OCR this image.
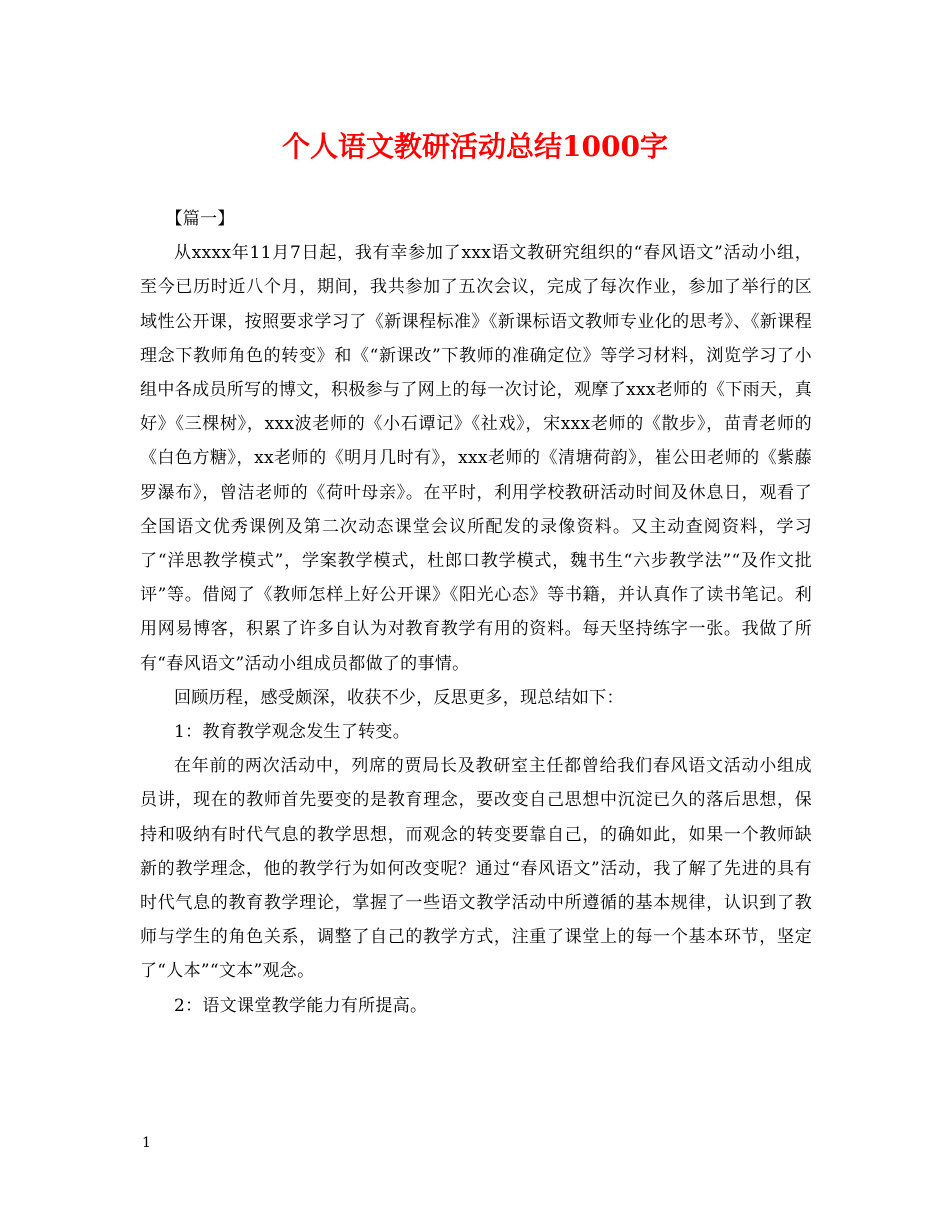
个人语文教研活动总结1000字

【篇一】

从xxxx年11月7日起，我有幸参加了xxx语文教研究组织的“春风语文”活动小组，至今已历时近八个月，期间，我共参加了五次会议，完成了每次作业，参加了举行的区域性公开课，按照要求学习了《新课程标准》《新课标语文教师专业化的思考》、《新课程理念下教师角色的转变》和《“新课改”下教师的准确定位》等学习材料，浏览学习了小组中各成员所写的博文，积极参与了网上的每一次讨论，观摩了xxx老师的《下雨天，真好》《三棵树》，xxx波老师的《小石谭记》《社戏》，宋xxx老师的《散步》，苗青老师的《白色方糖》，xx老师的《明月几时有》，xxx老师的《清塘荷韵》，崔公田老师的《紫藤罗瀑布》，曾洁老师的《荷叶母亲》。在平时，利用学校教研活动时间及休息日，观看了全国语文优秀课例及第二次动态课堂会议所配发的录像资料。又主动查阅资料，学习了“洋思教学模式”，学案教学模式，杜郎口教学模式，魏书生“六步教学法”“及作文批评”等。借阅了《教师怎样上好公开课》《阳光心态》等书籍，并认真作了读书笔记。利用网易博客，积累了许多自认为对教育教学有用的资料。每天坚持练字一张。我做了所有“春风语文”活动小组成员都做了的事情。

回顾历程，感受颇深，收获不少，反思更多，现总结如下：

1：教育教学观念发生了转变。

在年前的两次活动中，列席的贾局长及教研室主任都曾给我们春风语文活动小组成员讲，现在的教师首先要变的是教育理念，要改变自己思想中沉淀已久的落后思想，保持和吸纳有时代气息的教学思想，而观念的转变要靠自己，的确如此，如果一个教师缺新的教学理念，他的教学行为如何改变呢？通过“春风语文”活动，我了解了先进的具有时代气息的教育教学理论，掌握了一些语文教学活动中所遵循的基本规律，认识到了教师与学生的角色关系，调整了自己的教学方式，注重了课堂上的每一个基本环节，坚定了“人本”“文本”观念。

2：语文课堂教学能力有所提高。

1
